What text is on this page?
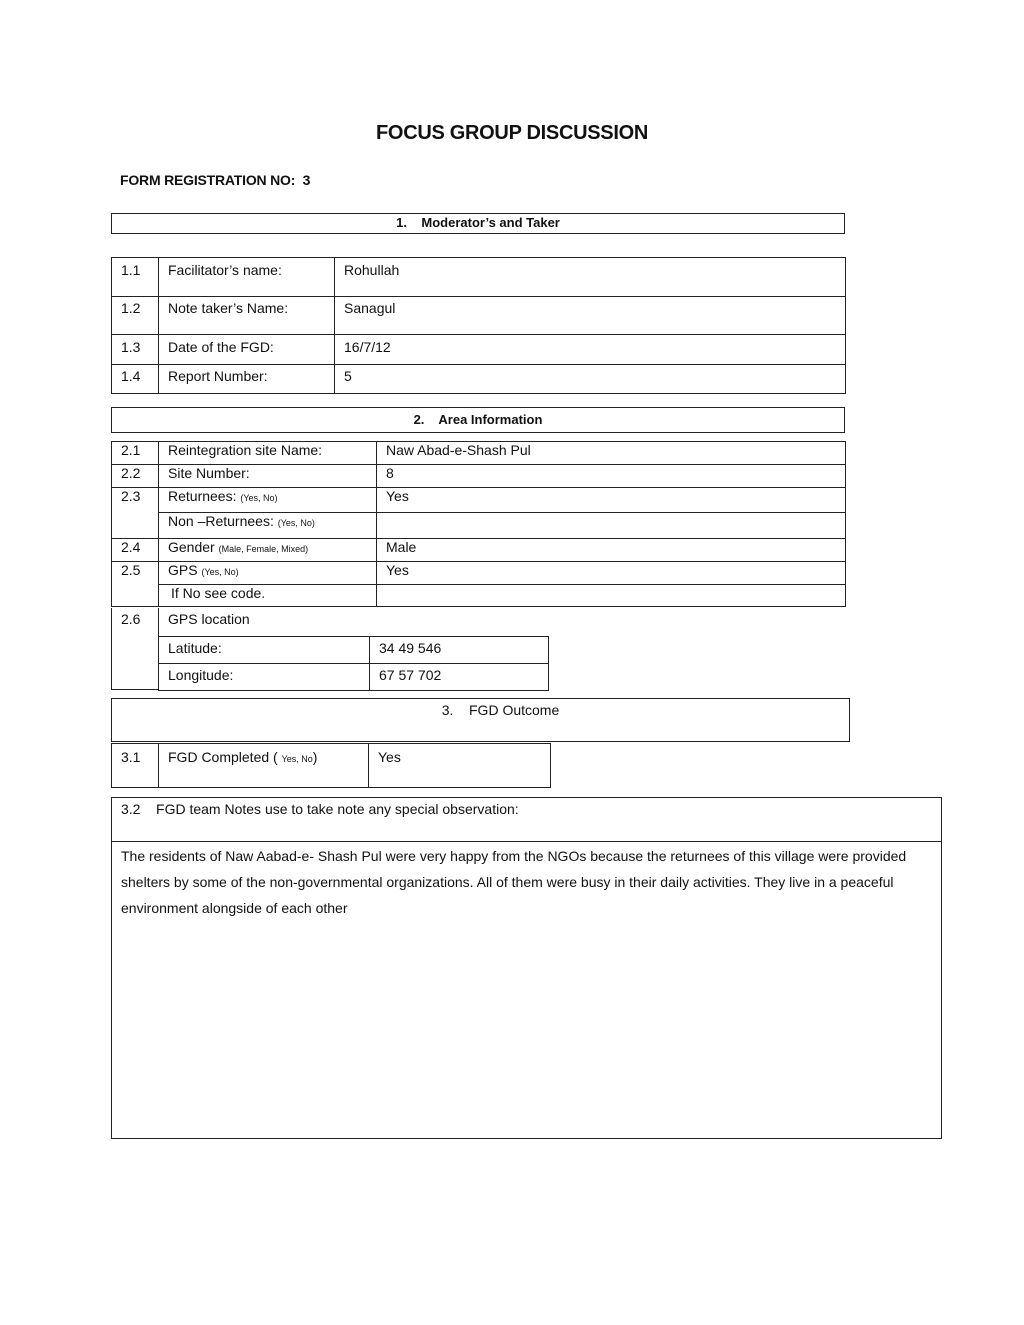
FOCUS GROUP DISCUSSION
FORM REGISTRATION NO: 3
1. Moderator’s and Taker
1.1	Facilitator’s name:	Rohullah
1.2	Note taker’s Name:	Sanagul
1.3	Date of the FGD:	16/7/12
1.4	Report Number:	5
2. Area Information
2.1	Reintegration site Name:	Naw Abad-e-Shash Pul
2.2	Site Number:	8
2.3	Returnees: (Yes, No)	Yes
	Non –Returnees: (Yes, No)	
2.4	Gender (Male, Female, Mixed)	Male
2.5	GPS (Yes, No)	Yes
	If No see code.	
2.6	GPS location
Latitude:	34 49 546
Longitude:	67 57 702
3. FGD Outcome
3.1	FGD Completed ( Yes, No)	Yes
3.2 FGD team Notes use to take note any special observation:
The residents of Naw Aabad-e- Shash Pul were very happy from the NGOs because the returnees of this village were provided shelters by some of the non-governmental organizations. All of them were busy in their daily activities. They live in a peaceful environment alongside of each other
